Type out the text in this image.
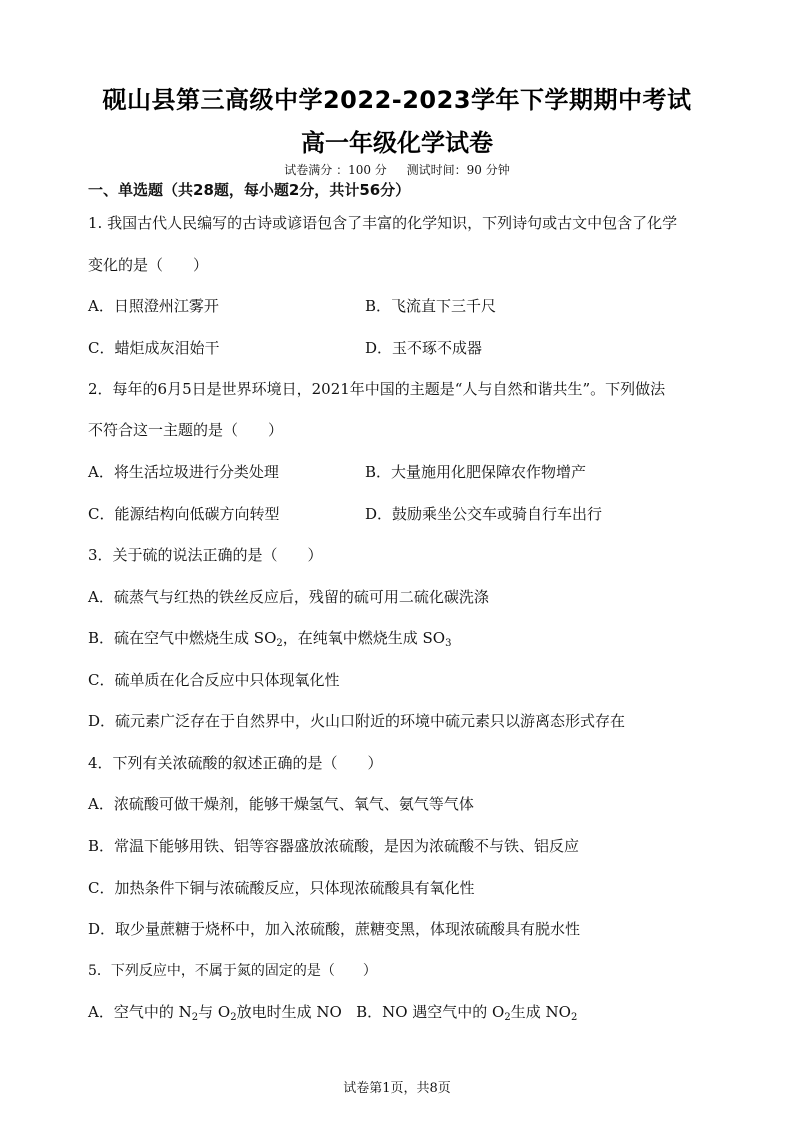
砚山县第三高级中学2022-2023学年下学期期中考试
高一年级化学试卷
试卷满分 ：100 分 测试时间：90 分钟
一、单选题（共28题，每小题2分，共计56分）
1. 我国古代人民编写的古诗或谚语包含了丰富的化学知识，下列诗句或古文中包含了化学
变化的是（　　）
A．日照澄州江雾开	B．飞流直下三千尺
C．蜡炬成灰泪始干	D．玉不琢不成器
2．每年的6月5日是世界环境日，2021年中国的主题是“人与自然和谐共生”。下列做法
不符合这一主题的是（　　）
A．将生活垃圾进行分类处理	B．大量施用化肥保障农作物增产
C．能源结构向低碳方向转型	D．鼓励乘坐公交车或骑自行车出行
3．关于硫的说法正确的是（　　）
A．硫蒸气与红热的铁丝反应后，残留的硫可用二硫化碳洗涤
B．硫在空气中燃烧生成 $SO_2$，在纯氧中燃烧生成 $SO_3$
C．硫单质在化合反应中只体现氧化性
D．硫元素广泛存在于自然界中，火山口附近的环境中硫元素只以游离态形式存在
4．下列有关浓硫酸的叙述正确的是（　　）
A．浓硫酸可做干燥剂，能够干燥氢气、氧气、氨气等气体
B．常温下能够用铁、铝等容器盛放浓硫酸，是因为浓硫酸不与铁、铝反应
C．加热条件下铜与浓硫酸反应，只体现浓硫酸具有氧化性
D．取少量蔗糖于烧杯中，加入浓硫酸，蔗糖变黑，体现浓硫酸具有脱水性
5．下列反应中，不属于氮的固定的是（　　）
A．空气中的 $N_2$与 $O_2$放电时生成 NO B．NO 遇空气中的 $O_2$生成 $NO_2$
试卷第1页，共8页
